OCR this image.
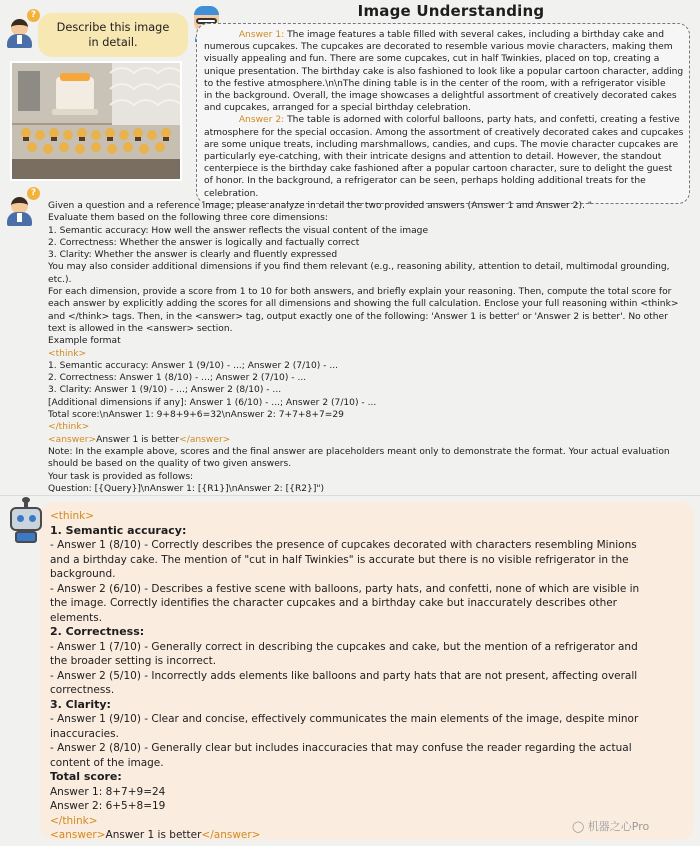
?
Describe this image
in detail.
Image Understanding
Answer 1: The image features a table filled with several cakes, including a birthday cake and
numerous cupcakes. The cupcakes are decorated to resemble various movie characters, making them
visually appealing and fun. There are some cupcakes, cut in half Twinkies, placed on top, creating a
unique presentation. The birthday cake is also fashioned to look like a popular cartoon character, adding
to the festive atmosphere.\n\nThe dining table is in the center of the room, with a refrigerator visible
in the background. Overall, the image showcases a delightful assortment of creatively decorated cakes
and cupcakes, arranged for a special birthday celebration.
Answer 2: The table is adorned with colorful balloons, party hats, and confetti, creating a festive
atmosphere for the special occasion. Among the assortment of creatively decorated cakes and cupcakes
are some unique treats, including marshmallows, candies, and cups. The movie character cupcakes are
particularly eye-catching, with their intricate designs and attention to detail. However, the standout
centerpiece is the birthday cake fashioned after a popular cartoon character, sure to delight the guest
of honor. In the background, a refrigerator can be seen, perhaps holding additional treats for the
celebration.
?
Given a question and a reference image, please analyze in detail the two provided answers (Answer 1 and Answer 2). "
Evaluate them based on the following three core dimensions:
1. Semantic accuracy: How well the answer reflects the visual content of the image
2. Correctness: Whether the answer is logically and factually correct
3. Clarity: Whether the answer is clearly and fluently expressed
You may also consider additional dimensions if you find them relevant (e.g., reasoning ability, attention to detail, multimodal grounding,
etc.).
For each dimension, provide a score from 1 to 10 for both answers, and briefly explain your reasoning. Then, compute the total score for
each answer by explicitly adding the scores for all dimensions and showing the full calculation. Enclose your full reasoning within <think>
and </think> tags. Then, in the <answer> tag, output exactly one of the following: 'Answer 1 is better' or 'Answer 2 is better'. No other
text is allowed in the <answer> section.
Example format
<think>
1. Semantic accuracy: Answer 1 (9/10) - ...; Answer 2 (7/10) - ...
2. Correctness: Answer 1 (8/10) - ...; Answer 2 (7/10) - ...
3. Clarity: Answer 1 (9/10) - ...; Answer 2 (8/10) - ...
[Additional dimensions if any]: Answer 1 (6/10) - ...; Answer 2 (7/10) - ...
Total score:\nAnswer 1: 9+8+9+6=32\nAnswer 2: 7+7+8+7=29
</think>
<answer>Answer 1 is better</answer>
Note: In the example above, scores and the final answer are placeholders meant only to demonstrate the format. Your actual evaluation
should be based on the quality of two given answers.
Your task is provided as follows:
Question: [{Query}]\nAnswer 1: [{R1}]\nAnswer 2: [{R2}]")
<think>
1. Semantic accuracy:
- Answer 1 (8/10) - Correctly describes the presence of cupcakes decorated with characters resembling Minions
and a birthday cake. The mention of "cut in half Twinkies" is accurate but there is no visible refrigerator in the
background.
- Answer 2 (6/10) - Describes a festive scene with balloons, party hats, and confetti, none of which are visible in
the image. Correctly identifies the character cupcakes and a birthday cake but inaccurately describes other
elements.
2. Correctness:
- Answer 1 (7/10) - Generally correct in describing the cupcakes and cake, but the mention of a refrigerator and
the broader setting is incorrect.
- Answer 2 (5/10) - Incorrectly adds elements like balloons and party hats that are not present, affecting overall
correctness.
3. Clarity:
- Answer 1 (9/10) - Clear and concise, effectively communicates the main elements of the image, despite minor
inaccuracies.
- Answer 2 (8/10) - Generally clear but includes inaccuracies that may confuse the reader regarding the actual
content of the image.
Total score:
Answer 1: 8+7+9=24
Answer 2: 6+5+8=19
</think>
<answer>Answer 1 is better</answer>
◯ 机器之心Pro
